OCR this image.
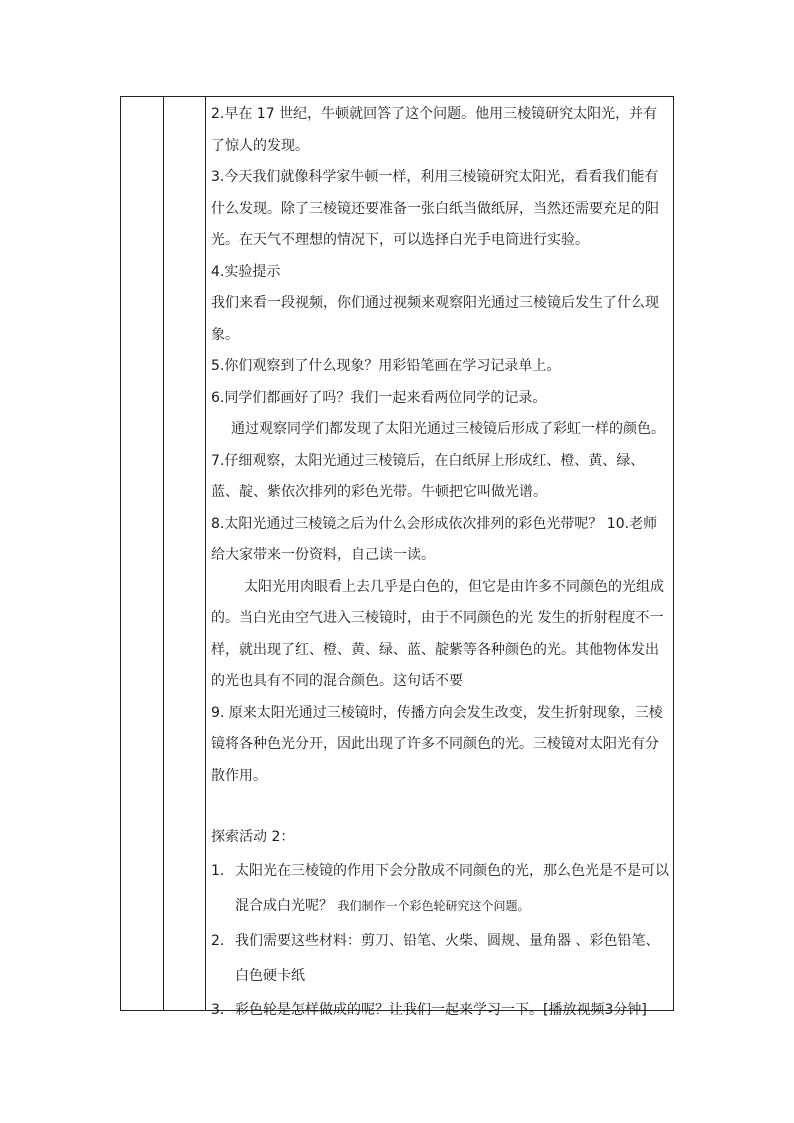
2.早在 17 世纪，牛顿就回答了这个问题。他用三棱镜研究太阳光，并有了惊人的发现。

3.今天我们就像科学家牛顿一样，利用三棱镜研究太阳光，看看我们能有什么发现。除了三棱镜还要准备一张白纸当做纸屏，当然还需要充足的阳光。在天气不理想的情况下，可以选择白光手电筒进行实验。

4.实验提示

我们来看一段视频，你们通过视频来观察阳光通过三棱镜后发生了什么现象。

5.你们观察到了什么现象？用彩铅笔画在学习记录单上。

6.同学们都画好了吗？我们一起来看两位同学的记录。

通过观察同学们都发现了太阳光通过三棱镜后形成了彩虹一样的颜色。

7.仔细观察，太阳光通过三棱镜后，在白纸屏上形成红、橙、黄、绿、蓝、靛、紫依次排列的彩色光带。牛顿把它叫做光谱。

8.太阳光通过三棱镜之后为什么会形成依次排列的彩色光带呢？ 10.老师给大家带来一份资料，自己读一读。

太阳光用肉眼看上去几乎是白色的，但它是由许多不同颜色的光组成的。当白光由空气进入三棱镜时，由于不同颜色的光 发生的折射程度不一样，就出现了红、橙、黄、绿、蓝、靛紫等各种颜色的光。其他物体发出的光也具有不同的混合颜色。这句话不要

9. 原来太阳光通过三棱镜时，传播方向会发生改变，发生折射现象，三棱镜将各种色光分开，因此出现了许多不同颜色的光。三棱镜对太阳光有分散作用。

探索活动 2：

1. 太阳光在三棱镜的作用下会分散成不同颜色的光，那么色光是不是可以混合成白光呢？ 我们制作一个彩色轮研究这个问题。
2. 我们需要这些材料：剪刀、铅笔、火柴、圆规、量角器 、彩色铅笔、白色硬卡纸
3． 彩色轮是怎样做成的呢？让我们一起来学习一下。[播放视频3分钟]
